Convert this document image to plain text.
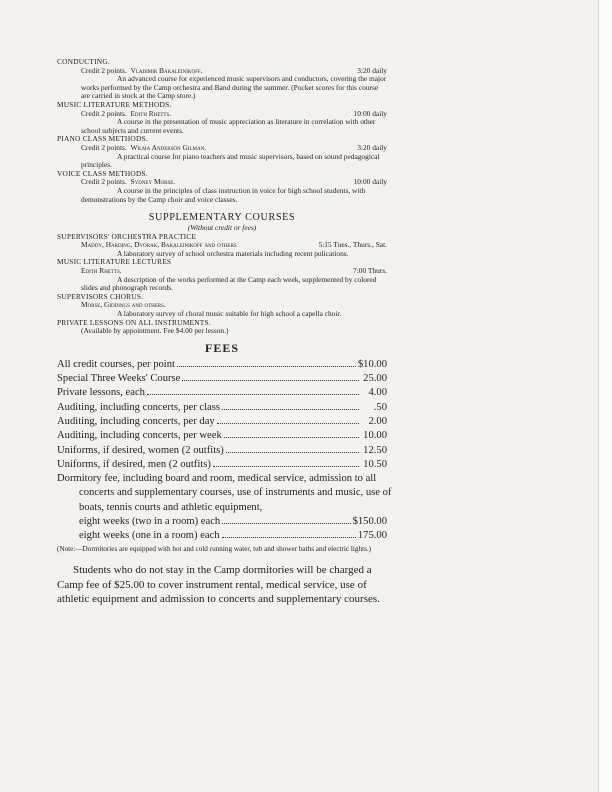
CONDUCTING.
Credit 2 points. Vladimir Bakaleinikoff.	3:20 daily
An advanced course for experienced music supervisors and conductors, covering the major works performed by the Camp orchestra and Band during the summer. (Pocket scores for this course are carried in stock at the Camp store.)
MUSIC LITERATURE METHODS.
Credit 2 points. Edith Rhetts.	10:00 daily
A course in the presentation of music appreciation as literature in correlation with other school subjects and current events.
PIANO CLASS METHODS.
Credit 2 points. Wilma Anderson Gilman.	3:20 daily
A practical course for piano teachers and music supervisors, based on sound pedagogical principles.
VOICE CLASS METHODS.
Credit 2 points. Sydney Morse.	10:00 daily
A course in the principles of class instruction in voice for high school students, with demonstrations by the Camp choir and voice classes.
SUPPLEMENTARY COURSES
(Without credit or fees)
SUPERVISORS' ORCHESTRA PRACTICE
Maddy, Harding, Dvorak, Bakaleinikoff and others	5:15 Tues., Thurs., Sat.
A laboratory survey of school orchestra materials including recent pulications.
MUSIC LITERATURE LECTURES
Edith Rhetts.	7:00 Thurs.
A description of the works performed at the Camp each week, supplemented by colored slides and phonograph records.
SUPERVISORS CHORUS.
Morse, Giddings and others.
A laboratory survey of choral music suitable for high school a capella choir.
PRIVATE LESSONS ON ALL INSTRUMENTS.
(Available by appointment. Fee $4.00 per lesson.)
FEES
All credit courses, per point	$10.00
Special Three Weeks' Course	25.00
Private lessons, each	4.00
Auditing, including concerts, per class	.50
Auditing, including concerts, per day	2.00
Auditing, including concerts, per week	10.00
Uniforms, if desired, women (2 outfits)	12.50
Uniforms, if desired, men (2 outfits)	10.50
Dormitory fee, including board and room, medical service, admission to all concerts and supplementary courses, use of instruments and music, use of boats, tennis courts and athletic equipment,
eight weeks (two in a room) each	$150.00
eight weeks (one in a room) each	175.00
(Note:—Dormitories are equipped with hot and cold running water, tub and shower baths and electric lights.)
Students who do not stay in the Camp dormitories will be charged a Camp fee of $25.00 to cover instrument rental, medical service, use of athletic equipment and admission to concerts and supplementary courses.
